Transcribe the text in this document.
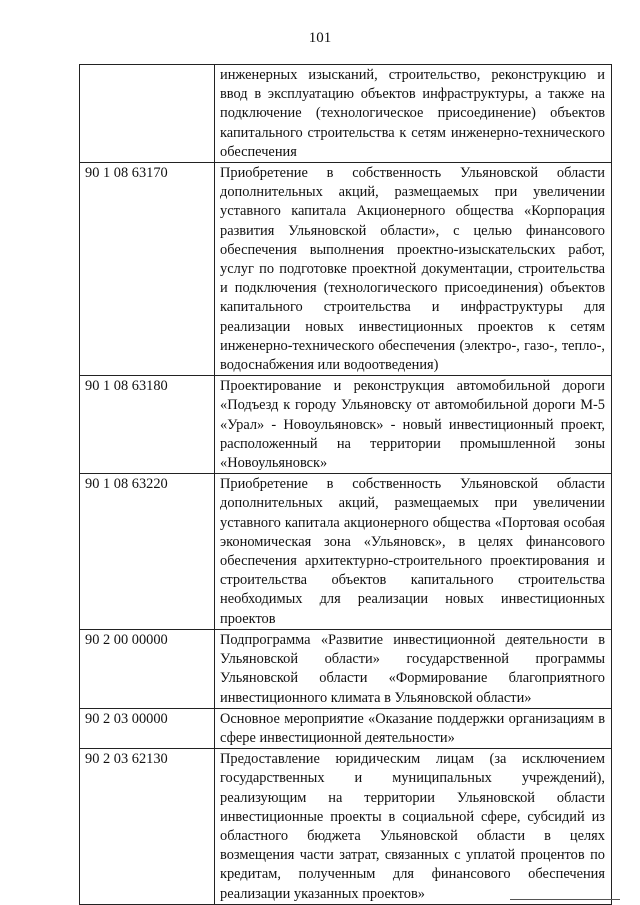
101
	инженерных изысканий, строительство, реконструкцию и ввод в эксплуатацию объектов инфраструктуры, а также на подключение (технологическое присоединение) объектов капитального строительства к сетям инженерно-технического обеспечения
90 1 08 63170	Приобретение в собственность Ульяновской области дополнительных акций, размещаемых при увеличении уставного капитала Акционерного общества «Корпорация развития Ульяновской области», с целью финансового обеспечения выполнения проектно-изыскательских работ, услуг по подготовке проектной документации, строительства и подключения (технологического присоединения) объектов капитального строительства и инфраструктуры для реализации новых инвестиционных проектов к сетям инженерно-технического обеспечения (электро-, газо-, тепло-, водоснабжения или водоотведения)
90 1 08 63180	Проектирование и реконструкция автомобильной дороги «Подъезд к городу Ульяновску от автомобильной дороги М-5 «Урал» - Новоульяновск» - новый инвестиционный проект, расположенный на территории промышленной зоны «Новоульяновск»
90 1 08 63220	Приобретение в собственность Ульяновской области дополнительных акций, размещаемых при увеличении уставного капитала акционерного общества «Портовая особая экономическая зона «Ульяновск», в целях финансового обеспечения архитектурно-строительного проектирования и строительства объектов капитального строительства необходимых для реализации новых инвестиционных проектов
90 2 00 00000	Подпрограмма «Развитие инвестиционной деятельности в Ульяновской области» государственной программы Ульяновской области «Формирование благоприятного инвестиционного климата в Ульяновской области»
90 2 03 00000	Основное мероприятие «Оказание поддержки организациям в сфере инвестиционной деятельности»
90 2 03 62130	Предоставление юридическим лицам (за исключением государственных и муниципальных учреждений), реализующим на территории Ульяновской области инвестиционные проекты в социальной сфере, субсидий из областного бюджета Ульяновской области в целях возмещения части затрат, связанных с уплатой процентов по кредитам, полученным для финансового обеспечения реализации указанных проектов»
